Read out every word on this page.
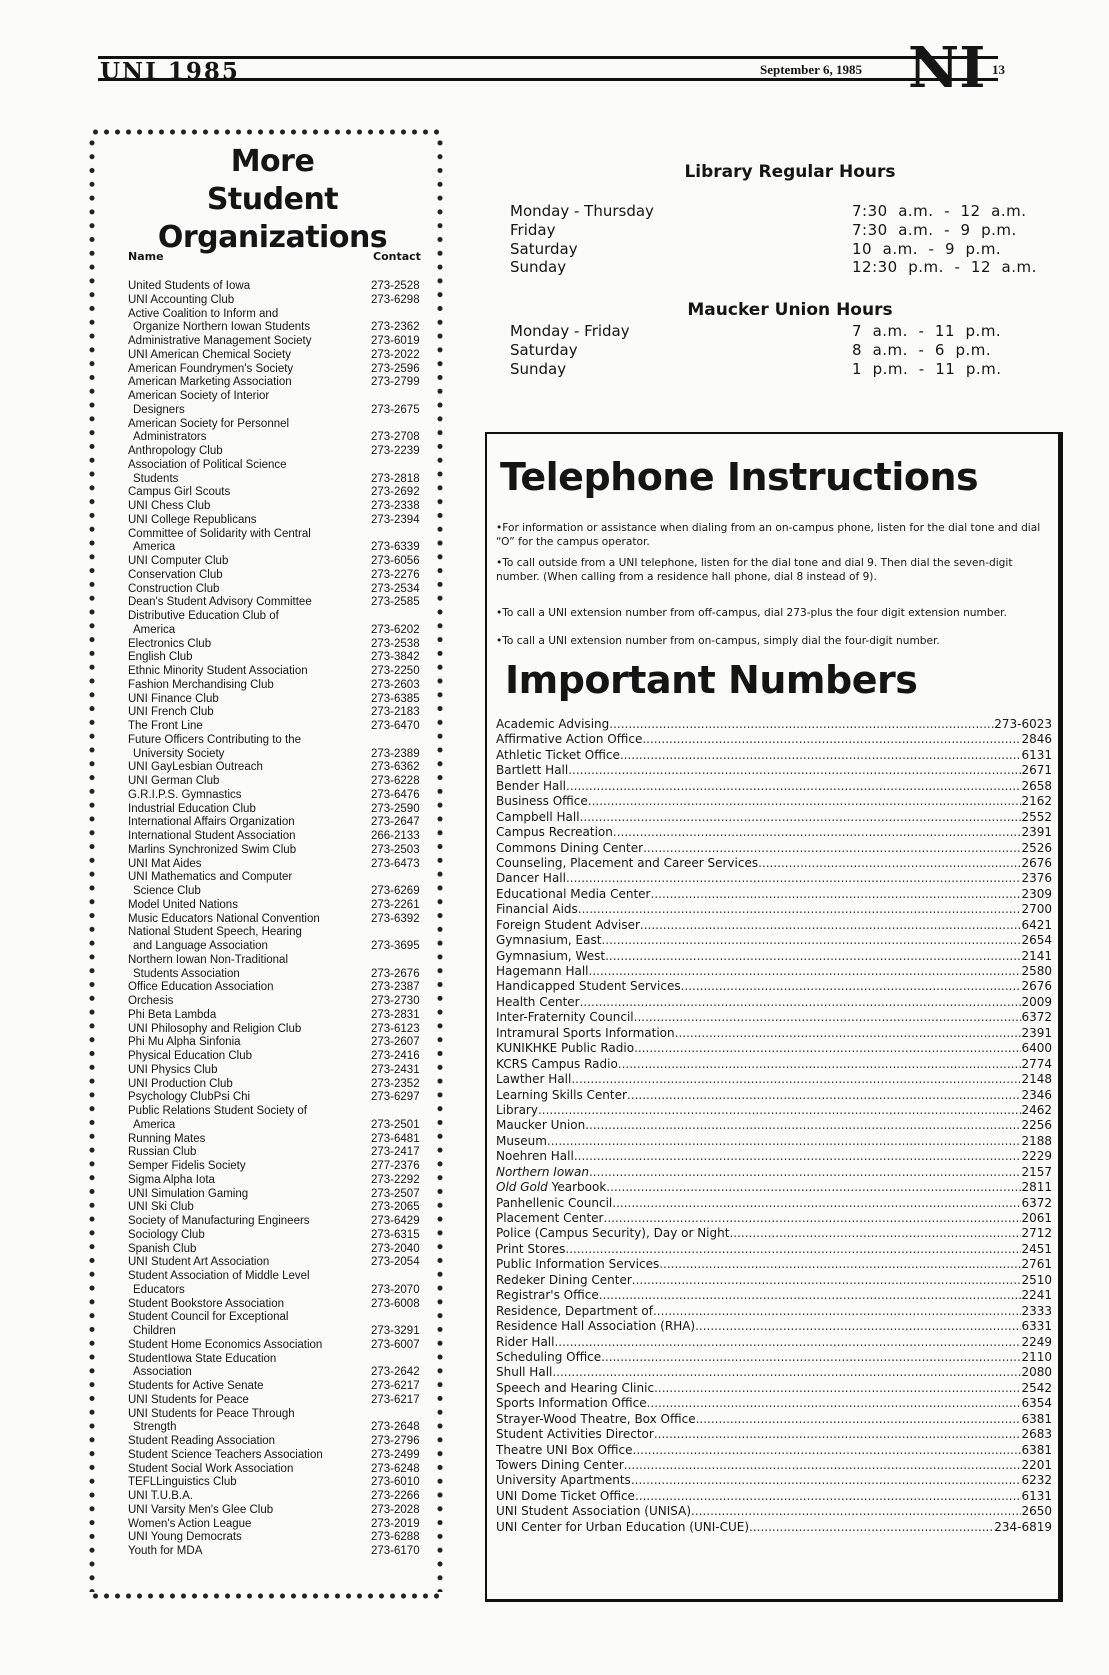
UNI 1985	September 6, 1985	13
NI
More
Student Organizations
Name	Contact
United Students of Iowa	273-2528
UNI Accounting Club	273-6298
Active Coalition to Inform and
Organize Northern Iowan Students	273-2362
Administrative Management Society	273-6019
UNI American Chemical Society	273-2022
American Foundrymen's Society	273-2596
American Marketing Association	273-2799
American Society of Interior
Designers	273-2675
American Society for Personnel
Administrators	273-2708
Anthropology Club	273-2239
Association of Political Science
Students	273-2818
Campus Girl Scouts	273-2692
UNI Chess Club	273-2338
UNI College Republicans	273-2394
Committee of Solidarity with Central
America	273-6339
UNI Computer Club	273-6056
Conservation Club	273-2276
Construction Club	273-2534
Dean's Student Advisory Committee	273-2585
Distributive Education Club of
America	273-6202
Electronics Club	273-2538
English Club	273-3842
Ethnic Minority Student Association	273-2250
Fashion Merchandising Club	273-2603
UNI Finance Club	273-6385
UNI French Club	273-2183
The Front Line	273-6470
Future Officers Contributing to the
University Society	273-2389
UNI GayLesbian Outreach	273-6362
UNI German Club	273-6228
G.R.I.P.S. Gymnastics	273-6476
Industrial Education Club	273-2590
International Affairs Organization	273-2647
International Student Association	266-2133
Marlins Synchronized Swim Club	273-2503
UNI Mat Aides	273-6473
UNI Mathematics and Computer
Science Club	273-6269
Model United Nations	273-2261
Music Educators National Convention	273-6392
National Student Speech, Hearing
and Language Association	273-3695
Northern Iowan Non-Traditional
Students Association	273-2676
Office Education Association	273-2387
Orchesis	273-2730
Phi Beta Lambda	273-2831
UNI Philosophy and Religion Club	273-6123
Phi Mu Alpha Sinfonia	273-2607
Physical Education Club	273-2416
UNI Physics Club	273-2431
UNI Production Club	273-2352
Psychology ClubPsi Chi	273-6297
Public Relations Student Society of
America	273-2501
Running Mates	273-6481
Russian Club	273-2417
Semper Fidelis Society	277-2376
Sigma Alpha Iota	273-2292
UNI Simulation Gaming	273-2507
UNI Ski Club	273-2065
Society of Manufacturing Engineers	273-6429
Sociology Club	273-6315
Spanish Club	273-2040
UNI Student Art Association	273-2054
Student Association of Middle Level
Educators	273-2070
Student Bookstore Association	273-6008
Student Council for Exceptional
Children	273-3291
Student Home Economics Association	273-6007
StudentIowa State Education
Association	273-2642
Students for Active Senate	273-6217
UNI Students for Peace	273-6217
UNI Students for Peace Through
Strength	273-2648
Student Reading Association	273-2796
Student Science Teachers Association	273-2499
Student Social Work Association	273-6248
TEFLLinguistics Club	273-6010
UNI T.U.B.A.	273-2266
UNI Varsity Men's Glee Club	273-2028
Women's Action League	273-2019
UNI Young Democrats	273-6288
Youth for MDA	273-6170
Library Regular Hours
Monday - Thursday	7:30  a.m.  -  12  a.m.
Friday	7:30  a.m.  -  9  p.m.
Saturday	10  a.m.  -  9  p.m.
Sunday	12:30  p.m.  -  12  a.m.
Maucker Union Hours
Monday - Friday	7  a.m.  -  11  p.m.
Saturday	8  a.m.  -  6  p.m.
Sunday	1  p.m.  -  11  p.m.
Telephone Instructions
•For information or assistance when dialing from an on-campus phone, listen for the dial tone and dial “O” for the campus operator.
•To call outside from a UNI telephone, listen for the dial tone and dial 9. Then dial the seven-digit number. (When calling from a residence hall phone, dial 8 instead of 9).
•To call a UNI extension number from off-campus, dial 273-plus the four digit extension number.
•To call a UNI extension number from on-campus, simply dial the four-digit number.
Important Numbers
Academic Advising .....	273-6023
Affirmative Action Office .....	2846
Athletic Ticket Office .....	6131
Bartlett Hall .....	2671
Bender Hall .....	2658
Business Office .....	2162
Campbell Hall .....	2552
Campus Recreation .....	2391
Commons Dining Center .....	2526
Counseling, Placement and Career Services .....	2676
Dancer Hall .....	2376
Educational Media Center .....	2309
Financial Aids .....	2700
Foreign Student Adviser .....	6421
Gymnasium, East .....	2654
Gymnasium, West .....	2141
Hagemann Hall .....	2580
Handicapped Student Services .....	2676
Health Center .....	2009
Inter-Fraternity Council .....	6372
Intramural Sports Information .....	2391
KUNIKHKE Public Radio .....	6400
KCRS Campus Radio .....	2774
Lawther Hall .....	2148
Learning Skills Center .....	2346
Library .....	2462
Maucker Union .....	2256
Museum .....	2188
Noehren Hall .....	2229
Northern Iowan .....	2157
Old Gold Yearbook .....	2811
Panhellenic Council .....	6372
Placement Center .....	2061
Police (Campus Security), Day or Night .....	2712
Print Stores .....	2451
Public Information Services .....	2761
Redeker Dining Center .....	2510
Registrar's Office .....	2241
Residence, Department of .....	2333
Residence Hall Association (RHA) .....	6331
Rider Hall .....	2249
Scheduling Office .....	2110
Shull Hall .....	2080
Speech and Hearing Clinic .....	2542
Sports Information Office .....	6354
Strayer-Wood Theatre, Box Office .....	6381
Student Activities Director .....	2683
Theatre UNI Box Office .....	6381
Towers Dining Center .....	2201
University Apartments .....	6232
UNI Dome Ticket Office .....	6131
UNI Student Association (UNISA) .....	2650
UNI Center for Urban Education (UNI-CUE) .....	234-6819
